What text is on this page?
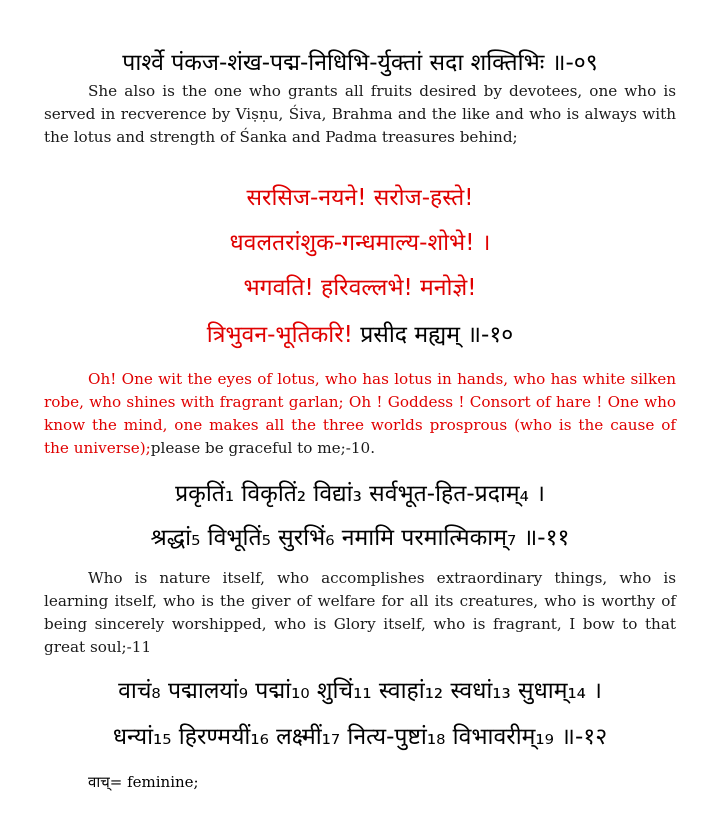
पार्श्वे पंकज-शंख-पद्म-निधिभि-र्युक्तां सदा शक्तिभिः ॥-०९

She also is the one who grants all fruits desired by devotees, one who is served in recverence by Viṣṇu, Śiva, Brahma and the like and who is always with the lotus and strength of Śanka and Padma treasures behind;

सरसिज-नयने! सरोज-हस्ते!
धवलतरांशुक-गन्धमाल्य-शोभे! ।
भगवति! हरिवल्लभे! मनोज्ञे!
त्रिभुवन-भूतिकरि! प्रसीद मह्यम् ॥-१०

Oh! One wit the eyes of lotus, who has lotus in hands, who has white silken robe, who shines with fragrant garlan; Oh ! Goddess ! Consort of hare ! One who know the mind, one makes all the three worlds prosprous (who is the cause of the universe);please be graceful to me;-10.

प्रकृतिं₁ विकृतिं₂ विद्यां₃ सर्वभूत-हित-प्रदाम्₄ ।
श्रद्धां₅ विभूतिं₅ सुरभिं₆ नमामि परमात्मिकाम्₇ ॥-११

Who is nature itself, who accomplishes extraordinary things, who is learning itself, who is the giver of welfare for all its creatures, who is worthy of being sincerely worshipped, who is Glory itself, who is fragrant, I bow to that great soul;-11

वाचं₈ पद्मालयां₉ पद्मां₁₀ शुचिं₁₁ स्वाहां₁₂ स्वधां₁₃ सुधाम्₁₄ ।
धन्यां₁₅ हिरण्मयीं₁₆ लक्ष्मीं₁₇ नित्य-पुष्टां₁₈ विभावरीम्₁₉ ॥-१२
वाच्= feminine;
